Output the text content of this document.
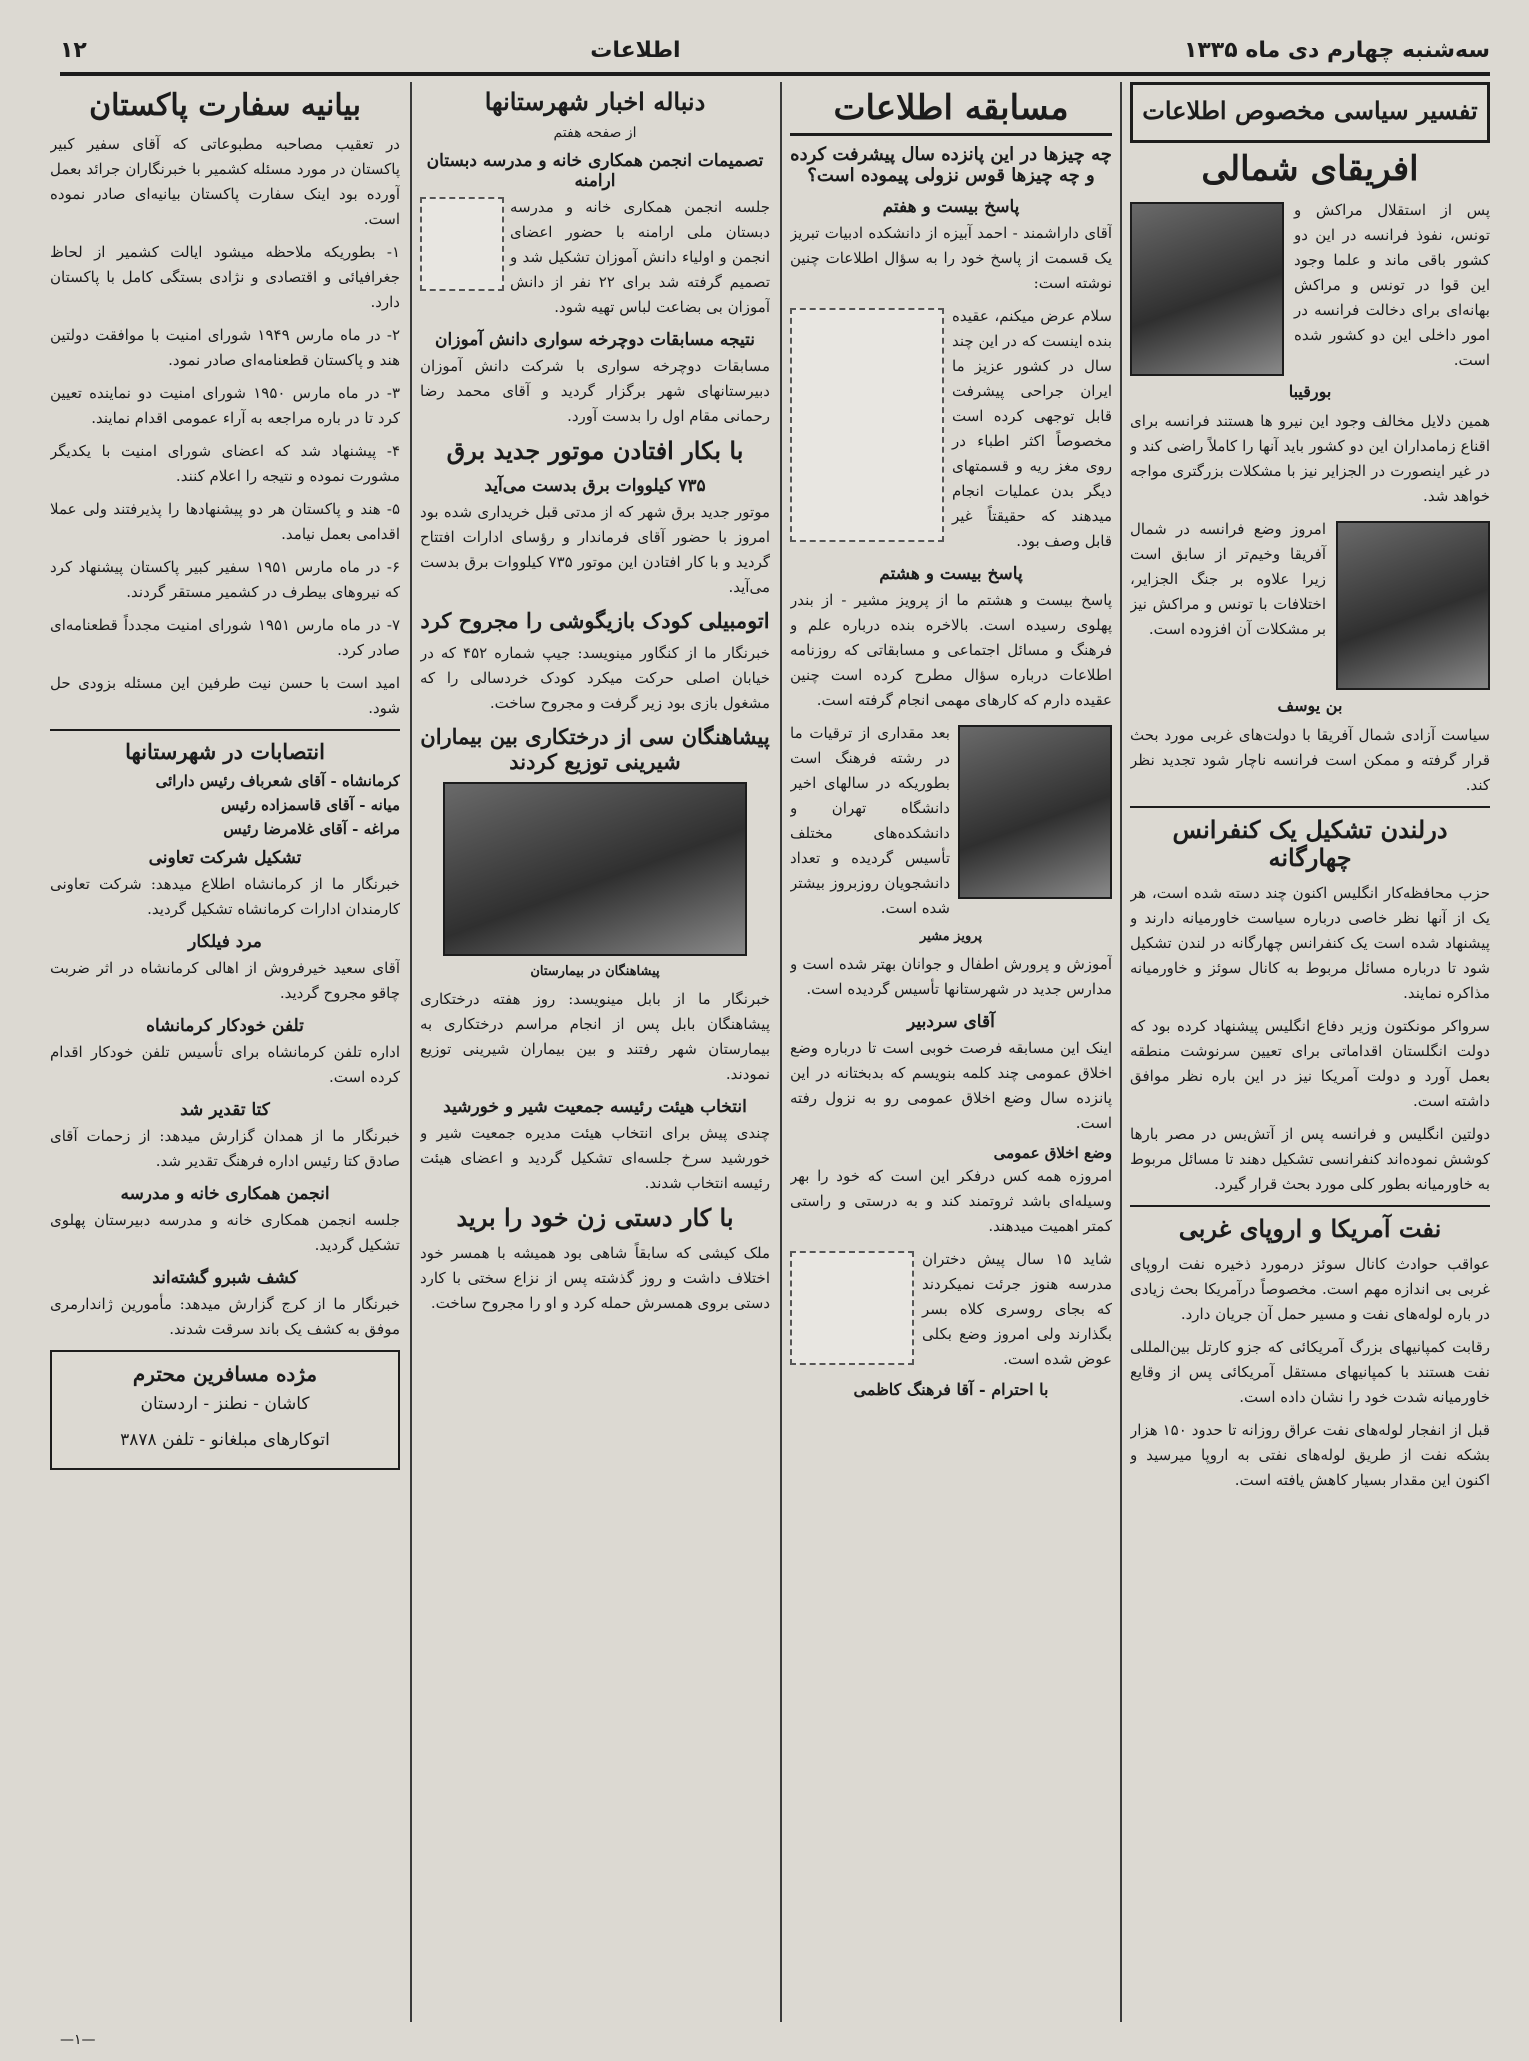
۱۲	اطلاعات	سه‌شنبه چهارم دی ماه ۱۳۳۵
تفسیر سیاسی مخصوص اطلاعات
افریقای شمالی

پس از استقلال مراکش و تونس، نفوذ فرانسه در این دو کشور باقی ماند و علما وجود این قوا در تونس و مراکش بهانه‌ای برای دخالت فرانسه در امور داخلی این دو کشور شده است.

بورقیبا

همین دلایل مخالف وجود این نیرو ها هستند فرانسه برای اقناع زمامداران این دو کشور باید آنها را کاملاً راضی کند و در غیر اینصورت در الجزایر نیز با مشکلات بزرگتری مواجه خواهد شد.

امروز وضع فرانسه در شمال آفریقا وخیم‌تر از سابق است زیرا علاوه بر جنگ الجزایر، اختلافات با تونس و مراکش نیز بر مشکلات آن افزوده است.

بن یوسف

سیاست آزادی شمال آفریقا با دولت‌های غربی مورد بحث قرار گرفته و ممکن است فرانسه ناچار شود تجدید نظر کند.

درلندن تشکیل یک کنفرانس چهارگانه

حزب محافظه‌کار انگلیس اکنون چند دسته شده است، هر یک از آنها نظر خاصی درباره سیاست خاورمیانه دارند و پیشنهاد شده است یک کنفرانس چهارگانه در لندن تشکیل شود تا درباره مسائل مربوط به کانال سوئز و خاورمیانه مذاکره نمایند.

سرواکر مونکتون وزیر دفاع انگلیس پیشنهاد کرده بود که دولت انگلستان اقداماتی برای تعیین سرنوشت منطقه بعمل آورد و دولت آمریکا نیز در این باره نظر موافق داشته است.

دولتین انگلیس و فرانسه پس از آتش‌بس در مصر بارها کوشش نموده‌اند کنفرانسی تشکیل دهند تا مسائل مربوط به خاورمیانه بطور کلی مورد بحث قرار گیرد.

نفت آمریکا و اروپای غربی

عواقب حوادث کانال سوئز درمورد ذخیره نفت اروپای غربی بی اندازه مهم است. مخصوصاً درآمریکا بحث زیادی در باره لوله‌های نفت و مسیر حمل آن جریان دارد.

رقابت کمپانیهای بزرگ آمریکائی که جزو کارتل بین‌المللی نفت هستند با کمپانیهای مستقل آمریکائی پس از وقایع خاورمیانه شدت خود را نشان داده است.

قبل از انفجار لوله‌های نفت عراق روزانه تا حدود ۱۵۰ هزار بشکه نفت از طریق لوله‌های نفتی به اروپا میرسید و اکنون این مقدار بسیار کاهش یافته است.

مسابقه اطلاعات
چه چیزها در این پانزده سال پیشرفت کرده و چه چیزها قوس نزولی پیموده است؟
پاسخ بیست و هفتم

آقای داراشمند - احمد آبیزه از دانشکده ادبیات تبریز یک قسمت از پاسخ خود را به سؤال اطلاعات چنین نوشته است:

سلام عرض میکنم، عقیده بنده اینست که در این چند سال در کشور عزیز ما ایران جراحی پیشرفت قابل توجهی کرده است مخصوصاً اکثر اطباء در روی مغز ریه و قسمتهای دیگر بدن عملیات انجام میدهند که حقیقتاً غیر قابل وصف بود.

پاسخ بیست و هشتم

پاسخ بیست و هشتم ما از پرویز مشیر - از بندر پهلوی رسیده است. بالاخره بنده درباره علم و فرهنگ و مسائل اجتماعی و مسابقاتی که روزنامه اطلاعات درباره سؤال مطرح کرده است چنین عقیده دارم که کارهای مهمی انجام گرفته است.

بعد مقداری از ترقیات ما در رشته فرهنگ است بطوریکه در سالهای اخیر دانشگاه تهران و دانشکده‌های مختلف تأسیس گردیده و تعداد دانشجویان روزبروز بیشتر شده است.

پرویز مشیر

آموزش و پرورش اطفال و جوانان بهتر شده است و مدارس جدید در شهرستانها تأسیس گردیده است.

آقای سردبیر

اینک این مسابقه فرصت خوبی است تا درباره وضع اخلاق عمومی چند کلمه بنویسم که بدبختانه در این پانزده سال وضع اخلاق عمومی رو به نزول رفته است.

وضع اخلاق عمومی

امروزه همه کس درفکر این است که خود را بهر وسیله‌ای باشد ثروتمند کند و به درستی و راستی کمتر اهمیت میدهند.

شاید ۱۵ سال پیش دختران مدرسه هنوز جرئت نمیکردند که بجای روسری کلاه بسر بگذارند ولی امروز وضع بکلی عوض شده است.

با احترام - آقا فرهنگ کاظمی
دنباله اخبار شهرستانها
از صفحه هفتم
تصمیمات انجمن همکاری خانه و مدرسه دبستان ارامنه

جلسه انجمن همکاری خانه و مدرسه دبستان ملی ارامنه با حضور اعضای انجمن و اولیاء دانش آموزان تشکیل شد و تصمیم گرفته شد برای ۲۲ نفر از دانش آموزان بی بضاعت لباس تهیه شود.

نتیجه مسابقات دوچرخه سواری دانش آموزان

مسابقات دوچرخه سواری با شرکت دانش آموزان دبیرستانهای شهر برگزار گردید و آقای محمد رضا رحمانی مقام اول را بدست آورد.

با بکار افتادن موتور جدید برق
۷۳۵ کیلووات برق بدست می‌آید

موتور جدید برق شهر که از مدتی قبل خریداری شده بود امروز با حضور آقای فرماندار و رؤسای ادارات افتتاح گردید و با کار افتادن این موتور ۷۳۵ کیلووات برق بدست می‌آید.

اتومبیلی کودک بازیگوشی را مجروح کرد

خبرنگار ما از کنگاور مینویسد: جیپ شماره ۴۵۲ که در خیابان اصلی حرکت میکرد کودک خردسالی را که مشغول بازی بود زیر گرفت و مجروح ساخت.

پیشاهنگان سی از درختکاری بین بیماران شیرینی توزیع کردند
پیشاهنگان در بیمارستان

خبرنگار ما از بابل مینویسد: روز هفته درختکاری پیشاهنگان بابل پس از انجام مراسم درختکاری به بیمارستان شهر رفتند و بین بیماران شیرینی توزیع نمودند.

انتخاب هیئت رئیسه جمعیت شیر و خورشید

چندی پیش برای انتخاب هیئت مدیره جمعیت شیر و خورشید سرخ جلسه‌ای تشکیل گردید و اعضای هیئت رئیسه انتخاب شدند.

با کار دستی زن خود را برید

ملک کیشی که سابقاً شاهی بود همیشه با همسر خود اختلاف داشت و روز گذشته پس از نزاع سختی با کارد دستی بروی همسرش حمله کرد و او را مجروح ساخت.

بیانیه سفارت پاکستان

در تعقیب مصاحبه مطبوعاتی که آقای سفیر کبیر پاکستان در مورد مسئله کشمیر با خبرنگاران جرائد بعمل آورده بود اینک سفارت پاکستان بیانیه‌ای صادر نموده است.

۱- بطوریکه ملاحظه میشود ایالت کشمیر از لحاظ جغرافیائی و اقتصادی و نژادی بستگی کامل با پاکستان دارد.

۲- در ماه مارس ۱۹۴۹ شورای امنیت با موافقت دولتین هند و پاکستان قطعنامه‌ای صادر نمود.

۳- در ماه مارس ۱۹۵۰ شورای امنیت دو نماینده تعیین کرد تا در باره مراجعه به آراء عمومی اقدام نمایند.

۴- پیشنهاد شد که اعضای شورای امنیت با یکدیگر مشورت نموده و نتیجه را اعلام کنند.

۵- هند و پاکستان هر دو پیشنهادها را پذیرفتند ولی عملا اقدامی بعمل نیامد.

۶- در ماه مارس ۱۹۵۱ سفیر کبیر پاکستان پیشنهاد کرد که نیروهای بیطرف در کشمیر مستقر گردند.

۷- در ماه مارس ۱۹۵۱ شورای امنیت مجدداً قطعنامه‌ای صادر کرد.

امید است با حسن نیت طرفین این مسئله بزودی حل شود.

انتصابات در شهرستانها
کرمانشاه - آقای شعرباف رئیس دارائی
میانه - آقای قاسمزاده رئیس
مراغه - آقای غلامرضا رئیس
تشکیل شرکت تعاونی

خبرنگار ما از کرمانشاه اطلاع میدهد: شرکت تعاونی کارمندان ادارات کرمانشاه تشکیل گردید.

مرد فیلکار

آقای سعید خیرفروش از اهالی کرمانشاه در اثر ضربت چاقو مجروح گردید.

تلفن خودکار کرمانشاه

اداره تلفن کرمانشاه برای تأسیس تلفن خودکار اقدام کرده است.

کتا تقدیر شد

خبرنگار ما از همدان گزارش میدهد: از زحمات آقای صادق کتا رئیس اداره فرهنگ تقدیر شد.

انجمن همکاری خانه و مدرسه

جلسه انجمن همکاری خانه و مدرسه دبیرستان پهلوی تشکیل گردید.

کشف شبرو گشته‌اند

خبرنگار ما از کرج گزارش میدهد: مأمورین ژاندارمری موفق به کشف یک باند سرقت شدند.

مژده مسافرین محترم

کاشان - نطنز - اردستان

اتوکارهای مبلغانو - تلفن ۳۸۷۸

—۱—
